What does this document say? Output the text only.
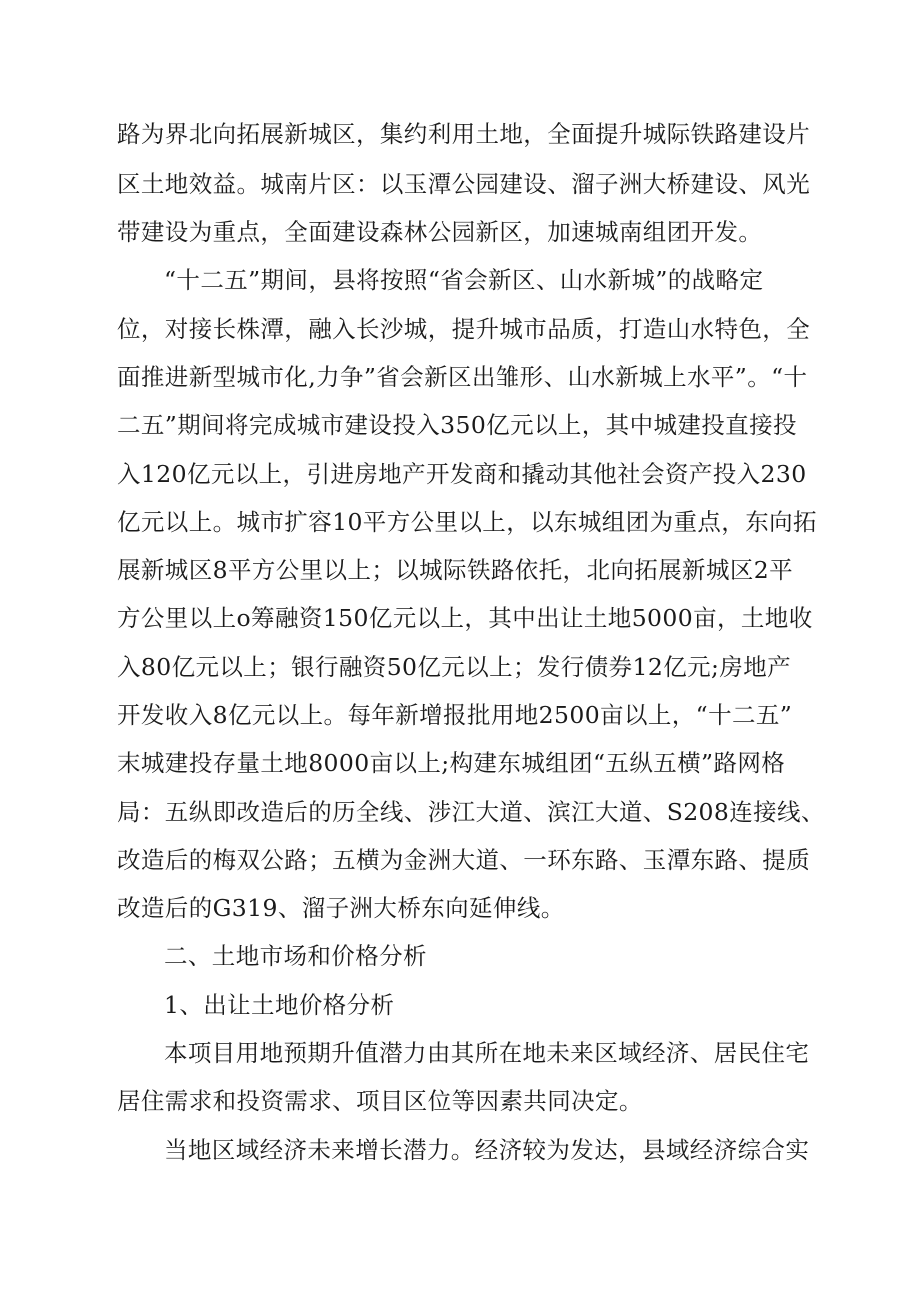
路为界北向拓展新城区，集约利用土地，全面提升城际铁路建设片
区土地效益。城南片区：以玉潭公园建设、溜子洲大桥建设、风光
带建设为重点，全面建设森林公园新区，加速城南组团开发。
“十二五”期间，县将按照“省会新区、山水新城”的战略定
位，对接长株潭，融入长沙城，提升城市品质，打造山水特色，全
面推进新型城市化,力争”省会新区出雏形、山水新城上水平”。“十
二五”期间将完成城市建设投入350亿元以上，其中城建投直接投
入120亿元以上，引进房地产开发商和撬动其他社会资产投入230
亿元以上。城市扩容10平方公里以上，以东城组团为重点，东向拓
展新城区8平方公里以上；以城际铁路依托，北向拓展新城区2平
方公里以上o筹融资150亿元以上，其中出让土地5000亩，土地收
入80亿元以上；银行融资50亿元以上；发行债券12亿元;房地产
开发收入8亿元以上。每年新增报批用地2500亩以上，“十二五”
末城建投存量土地8000亩以上;构建东城组团“五纵五横”路网格
局：五纵即改造后的历全线、涉江大道、滨江大道、S208连接线、
改造后的梅双公路；五横为金洲大道、一环东路、玉潭东路、提质
改造后的G319、溜子洲大桥东向延伸线。
二、土地市场和价格分析
1、出让土地价格分析
本项目用地预期升值潜力由其所在地未来区域经济、居民住宅
居住需求和投资需求、项目区位等因素共同决定。
当地区域经济未来增长潜力。经济较为发达，县域经济综合实
